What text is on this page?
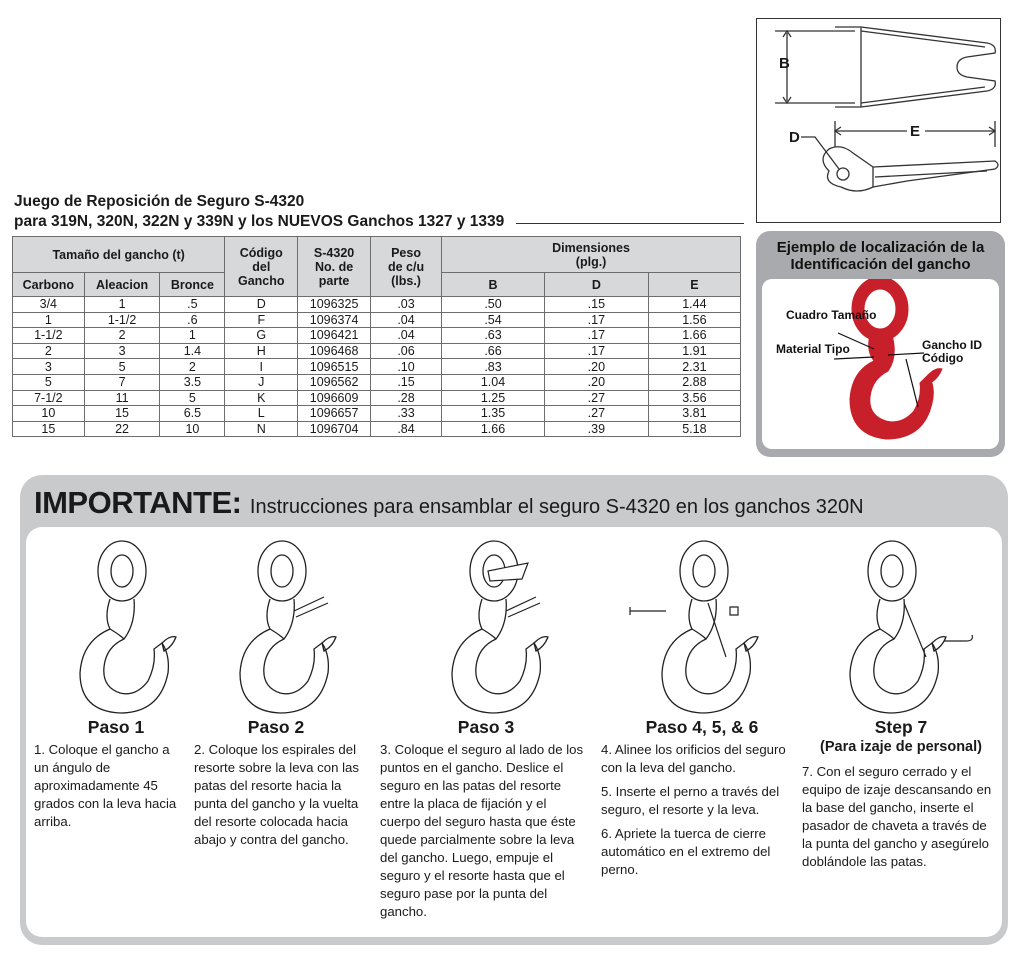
Juego de Reposición de Seguro S-4320
para 319N, 320N, 322N y 339N y los NUEVOS Ganchos 1327 y 1339
Tamaño del gancho (t)			Código del Gancho	S-4320 No. de parte	Peso de c/u (lbs.)	Dimensiones (plg.)		
Carbono	Aleacion	Bronce				B	D	E
3/4	1	.5	D	1096325	.03	.50	.15	1.44
1	1-1/2	.6	F	1096374	.04	.54	.17	1.56
1-1/2	2	1	G	1096421	.04	.63	.17	1.66
2	3	1.4	H	1096468	.06	.66	.17	1.91
3	5	2	I	1096515	.10	.83	.20	2.31
5	7	3.5	J	1096562	.15	1.04	.20	2.88
7-1/2	11	5	K	1096609	.28	1.25	.27	3.56
10	15	6.5	L	1096657	.33	1.35	.27	3.81
15	22	10	N	1096704	.84	1.66	.39	5.18
B
D	E
Ejemplo de localización de la Identificación del gancho
Cuadro Tamaño
Material Tipo	Gancho ID Código
IMPORTANTE: Instrucciones para ensamblar el seguro S-4320 en los ganchos 320N
Paso 1	Paso 2	Paso 3	Paso 4, 5, & 6	Step 7
(Para izaje de personal)

1. Coloque el gancho a un ángulo de aproximadamente 45 grados con la leva hacia arriba.

2. Coloque los espirales del resorte sobre la leva con las patas del resorte hacia la punta del gancho y la vuelta del resorte colocada hacia abajo y contra del gancho.

3. Coloque el seguro al lado de los puntos en el gancho. Deslice el seguro en las patas del resorte entre la placa de fijación y el cuerpo del seguro hasta que éste quede parcialmente sobre la leva del gancho. Luego, empuje el seguro y el resorte hasta que el seguro pase por la punta del gancho.

4. Alinee los orificios del seguro con la leva del gancho.

5. Inserte el perno a través del seguro, el resorte y la leva.

6. Apriete la tuerca de cierre automático en el extremo del perno.

7. Con el seguro cerrado y el equipo de izaje descansando en la base del gancho, inserte el pasador de chaveta a través de la punta del gancho y asegúrelo doblándole las patas.
